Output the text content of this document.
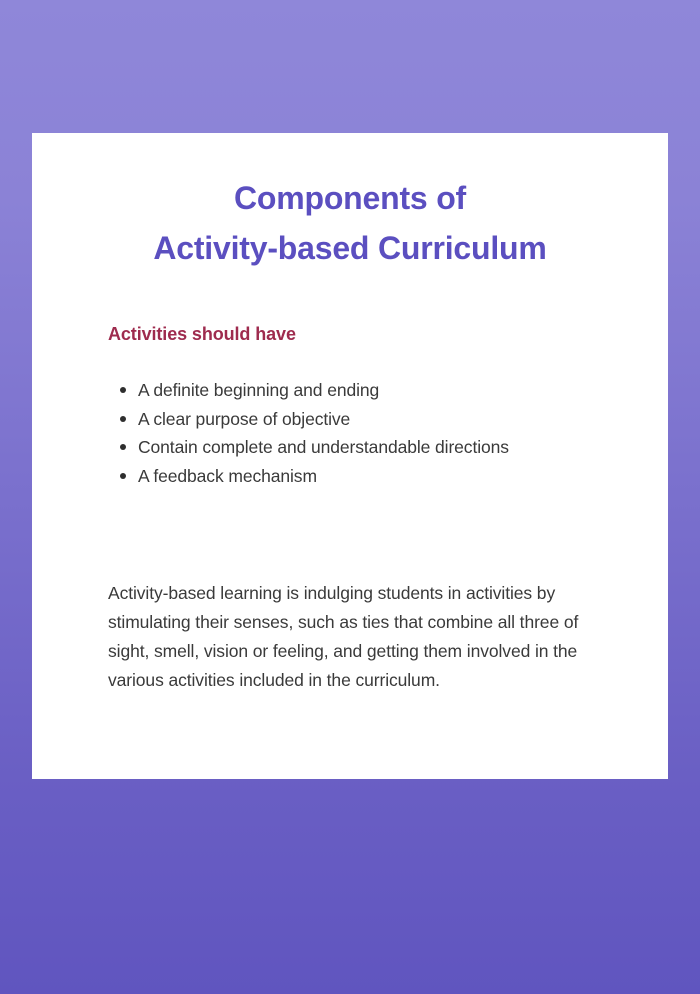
Components of
Activity-based Curriculum
Activities should have
A definite beginning and ending
A clear purpose of objective
Contain complete and understandable directions
A feedback mechanism

Activity-based learning is indulging students in activities by stimulating their senses, such as ties that combine all three of sight, smell, vision or feeling, and getting them involved in the various activities included in the curriculum.
